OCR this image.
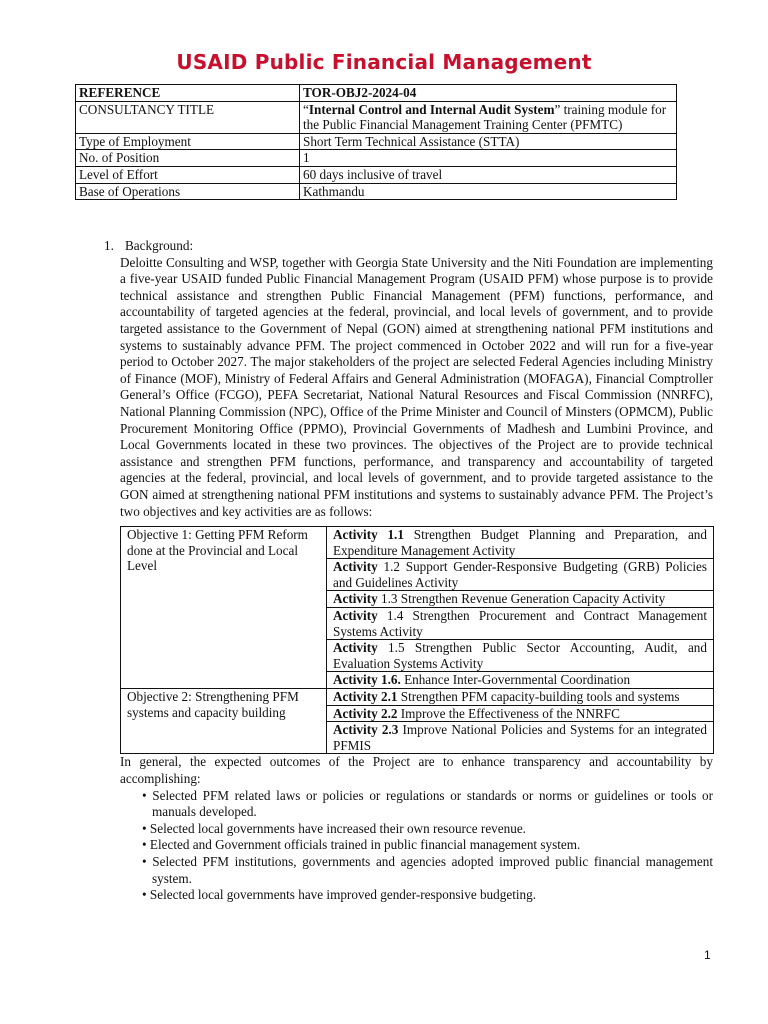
USAID Public Financial Management
REFERENCE	TOR-OBJ2-2024-04
CONSULTANCY TITLE	“Internal Control and Internal Audit System” training module for the Public Financial Management Training Center (PFMTC)
Type of Employment	Short Term Technical Assistance (STTA)
No. of Position	1
Level of Effort	60 days inclusive of travel
Base of Operations	Kathmandu
1. Background:

Deloitte Consulting and WSP, together with Georgia State University and the Niti Foundation are implementing a five-year USAID funded Public Financial Management Program (USAID PFM) whose purpose is to provide technical assistance and strengthen Public Financial Management (PFM) functions, performance, and accountability of targeted agencies at the federal, provincial, and local levels of government, and to provide targeted assistance to the Government of Nepal (GON) aimed at strengthening national PFM institutions and systems to sustainably advance PFM. The project commenced in October 2022 and will run for a five-year period to October 2027. The major stakeholders of the project are selected Federal Agencies including Ministry of Finance (MOF), Ministry of Federal Affairs and General Administration (MOFAGA), Financial Comptroller General’s Office (FCGO), PEFA Secretariat, National Natural Resources and Fiscal Commission (NNRFC), National Planning Commission (NPC), Office of the Prime Minister and Council of Minsters (OPMCM), Public Procurement Monitoring Office (PPMO), Provincial Governments of Madhesh and Lumbini Province, and Local Governments located in these two provinces. The objectives of the Project are to provide technical assistance and strengthen PFM functions, performance, and transparency and accountability of targeted agencies at the federal, provincial, and local levels of government, and to provide targeted assistance to the GON aimed at strengthening national PFM institutions and systems to sustainably advance PFM. The Project’s two objectives and key activities are as follows:

Objective 1: Getting PFM Reform done at the Provincial and Local Level	Activity 1.1 Strengthen Budget Planning and Preparation, and Expenditure Management Activity
	Activity 1.2 Support Gender-Responsive Budgeting (GRB) Policies and Guidelines Activity
	Activity 1.3 Strengthen Revenue Generation Capacity Activity
	Activity 1.4 Strengthen Procurement and Contract Management Systems Activity
	Activity 1.5 Strengthen Public Sector Accounting, Audit, and Evaluation Systems Activity
	Activity 1.6. Enhance Inter-Governmental Coordination
Objective 2: Strengthening PFM systems and capacity building	Activity 2.1 Strengthen PFM capacity-building tools and systems
	Activity 2.2 Improve the Effectiveness of the NNRFC
	Activity 2.3 Improve National Policies and Systems for an integrated PFMIS

In general, the expected outcomes of the Project are to enhance transparency and accountability by accomplishing:

• Selected PFM related laws or policies or regulations or standards or norms or guidelines or tools or manuals developed.
• Selected local governments have increased their own resource revenue.
• Elected and Government officials trained in public financial management system.
• Selected PFM institutions, governments and agencies adopted improved public financial management system.
• Selected local governments have improved gender-responsive budgeting.
1
